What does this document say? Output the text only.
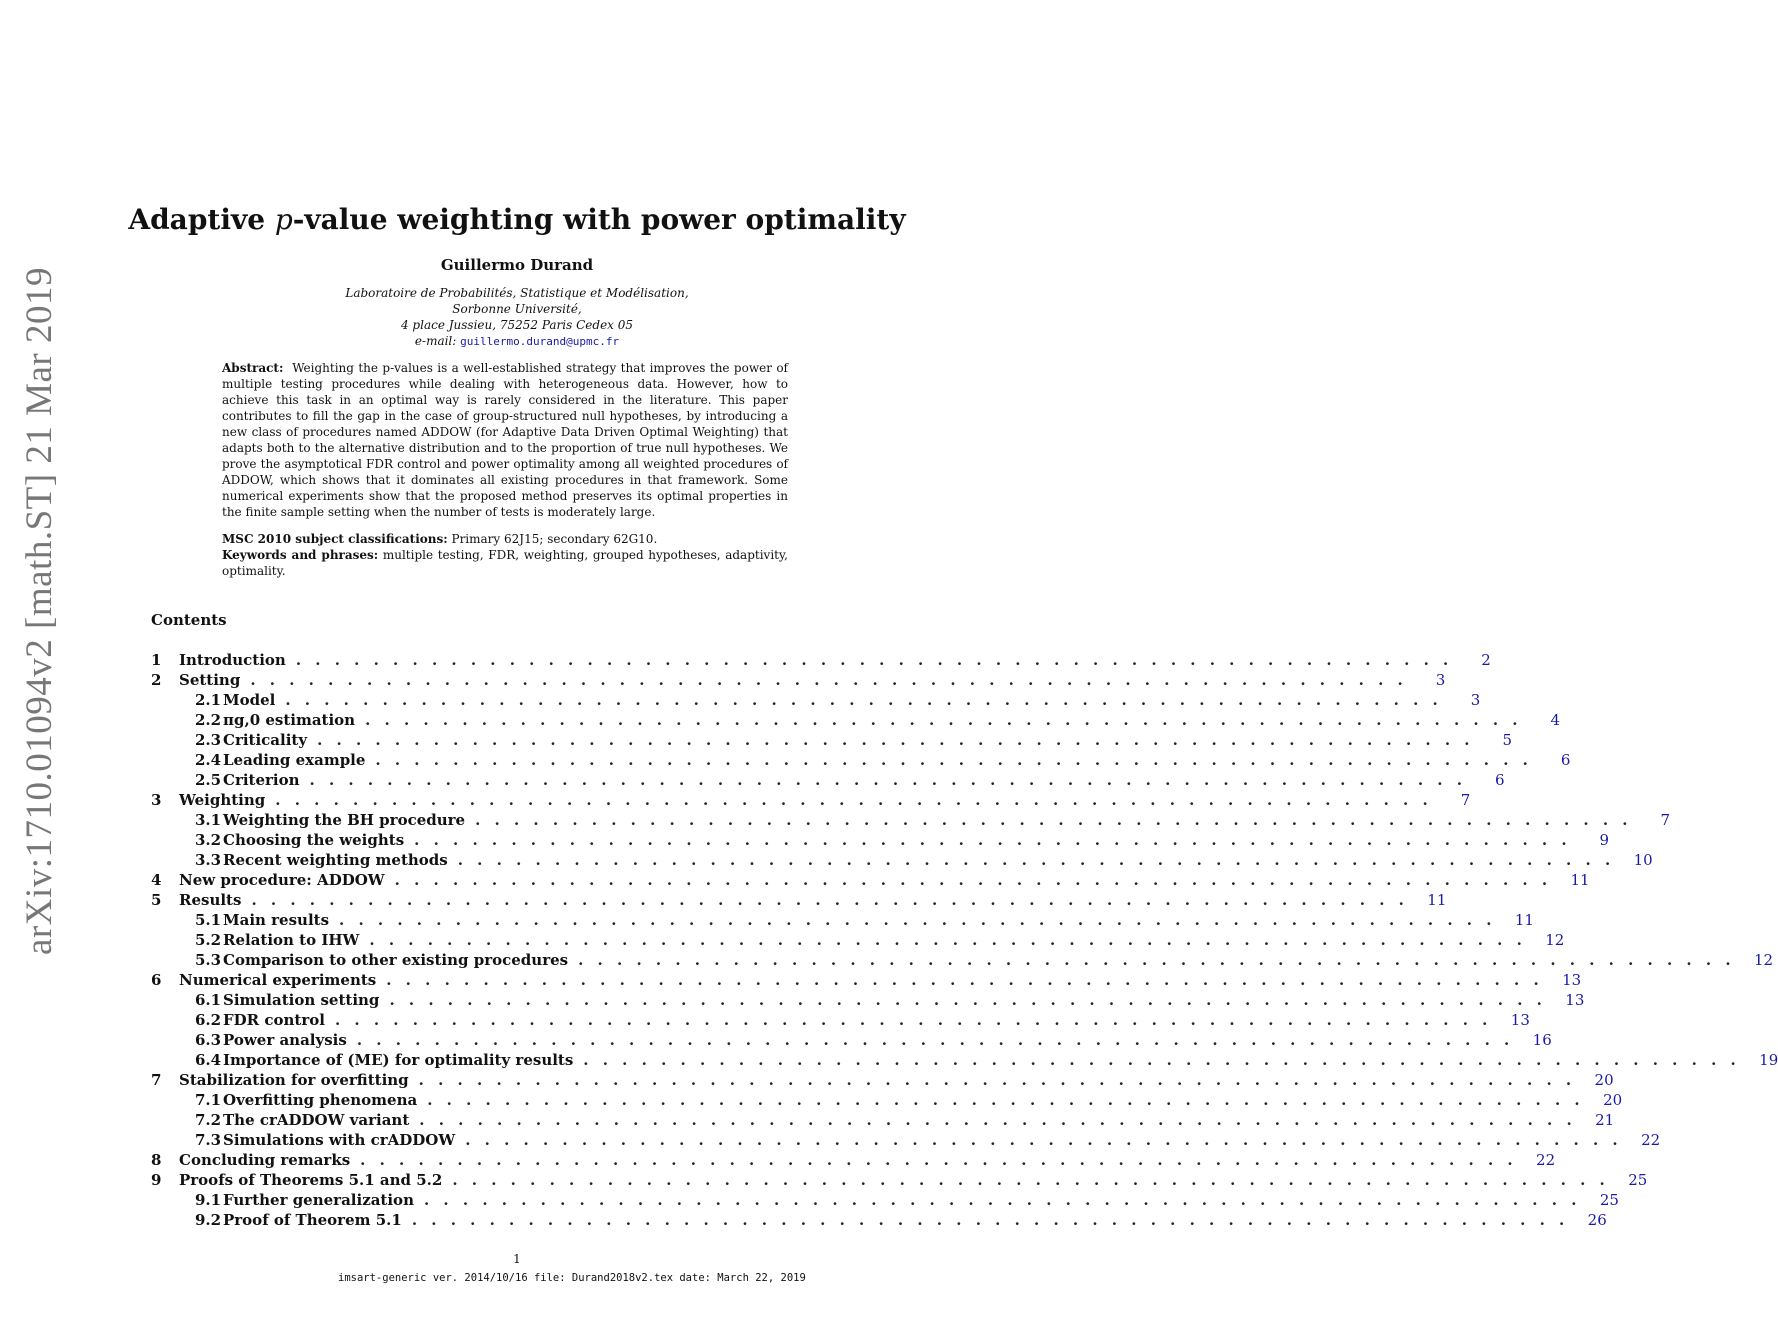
arXiv:1710.01094v2 [math.ST] 21 Mar 2019
Adaptive p-value weighting with power optimality
Guillermo Durand
Laboratoire de Probabilités, Statistique et Modélisation,
Sorbonne Université,
4 place Jussieu, 75252 Paris Cedex 05
e-mail: guillermo.durand@upmc.fr

Abstract: Weighting the p-values is a well-established strategy that improves the power of multiple testing procedures while dealing with heterogeneous data. However, how to achieve this task in an optimal way is rarely considered in the literature. This paper contributes to fill the gap in the case of group-structured null hypotheses, by introducing a new class of procedures named ADDOW (for Adaptive Data Driven Optimal Weighting) that adapts both to the alternative distribution and to the proportion of true null hypotheses. We prove the asymptotical FDR control and power optimality among all weighted procedures of ADDOW, which shows that it dominates all existing procedures in that framework. Some numerical experiments show that the proposed method preserves its optimal properties in the finite sample setting when the number of tests is moderately large.

MSC 2010 subject classifications: Primary 62J15; secondary 62G10.

Keywords and phrases: multiple testing, FDR, weighting, grouped hypotheses, adaptivity, optimality.

Contents
1	Introduction . . . . . . . . . . . . . . . . . . . . . . . . . . . . . . . . . . . . . . . . . . . . . . . . . . . . . . . . . . . .	2
2	Setting . . . . . . . . . . . . . . . . . . . . . . . . . . . . . . . . . . . . . . . . . . . . . . . . . . . . . . . . . . . .	3
2.1 Model . . . . . . . . . . . . . . . . . . . . . . . . . . . . . . . . . . . . . . . . . . . . . . . . . . . . . . . . . . . .	3
2.2 πg,0 estimation . . . . . . . . . . . . . . . . . . . . . . . . . . . . . . . . . . . . . . . . . . . . . . . . . . . . . . . . . . . .	4
2.3 Criticality . . . . . . . . . . . . . . . . . . . . . . . . . . . . . . . . . . . . . . . . . . . . . . . . . . . . . . . . . . . .	5
2.4 Leading example . . . . . . . . . . . . . . . . . . . . . . . . . . . . . . . . . . . . . . . . . . . . . . . . . . . . . . . . . . . .	6
2.5 Criterion . . . . . . . . . . . . . . . . . . . . . . . . . . . . . . . . . . . . . . . . . . . . . . . . . . . . . . . . . . . .	6
3	Weighting . . . . . . . . . . . . . . . . . . . . . . . . . . . . . . . . . . . . . . . . . . . . . . . . . . . . . . . . . . . .	7
3.1 Weighting the BH procedure . . . . . . . . . . . . . . . . . . . . . . . . . . . . . . . . . . . . . . . . . . . . . . . . . . . . . . . . . . . .	7
3.2 Choosing the weights . . . . . . . . . . . . . . . . . . . . . . . . . . . . . . . . . . . . . . . . . . . . . . . . . . . . . . . . . . . .	9
3.3 Recent weighting methods . . . . . . . . . . . . . . . . . . . . . . . . . . . . . . . . . . . . . . . . . . . . . . . . . . . . . . . . . . . .	10
4	New procedure: ADDOW . . . . . . . . . . . . . . . . . . . . . . . . . . . . . . . . . . . . . . . . . . . . . . . . . . . . . . . . . . . .	11
5	Results . . . . . . . . . . . . . . . . . . . . . . . . . . . . . . . . . . . . . . . . . . . . . . . . . . . . . . . . . . . .	11
5.1 Main results . . . . . . . . . . . . . . . . . . . . . . . . . . . . . . . . . . . . . . . . . . . . . . . . . . . . . . . . . . . .	11
5.2 Relation to IHW . . . . . . . . . . . . . . . . . . . . . . . . . . . . . . . . . . . . . . . . . . . . . . . . . . . . . . . . . . . .	12
5.3 Comparison to other existing procedures . . . . . . . . . . . . . . . . . . . . . . . . . . . . . . . . . . . . . . . . . . . . . . . . . . . . . . . . . . . .	12
6	Numerical experiments . . . . . . . . . . . . . . . . . . . . . . . . . . . . . . . . . . . . . . . . . . . . . . . . . . . . . . . . . . . .	13
6.1 Simulation setting . . . . . . . . . . . . . . . . . . . . . . . . . . . . . . . . . . . . . . . . . . . . . . . . . . . . . . . . . . . .	13
6.2 FDR control . . . . . . . . . . . . . . . . . . . . . . . . . . . . . . . . . . . . . . . . . . . . . . . . . . . . . . . . . . . .	13
6.3 Power analysis . . . . . . . . . . . . . . . . . . . . . . . . . . . . . . . . . . . . . . . . . . . . . . . . . . . . . . . . . . . .	16
6.4 Importance of (ME) for optimality results . . . . . . . . . . . . . . . . . . . . . . . . . . . . . . . . . . . . . . . . . . . . . . . . . . . . . . . . . . . .	19
7	Stabilization for overfitting . . . . . . . . . . . . . . . . . . . . . . . . . . . . . . . . . . . . . . . . . . . . . . . . . . . . . . . . . . . .	20
7.1 Overfitting phenomena . . . . . . . . . . . . . . . . . . . . . . . . . . . . . . . . . . . . . . . . . . . . . . . . . . . . . . . . . . . .	20
7.2 The crADDOW variant . . . . . . . . . . . . . . . . . . . . . . . . . . . . . . . . . . . . . . . . . . . . . . . . . . . . . . . . . . . .	21
7.3 Simulations with crADDOW . . . . . . . . . . . . . . . . . . . . . . . . . . . . . . . . . . . . . . . . . . . . . . . . . . . . . . . . . . . .	22
8	Concluding remarks . . . . . . . . . . . . . . . . . . . . . . . . . . . . . . . . . . . . . . . . . . . . . . . . . . . . . . . . . . . .	22
9	Proofs of Theorems 5.1 and 5.2 . . . . . . . . . . . . . . . . . . . . . . . . . . . . . . . . . . . . . . . . . . . . . . . . . . . . . . . . . . . .	25
9.1 Further generalization . . . . . . . . . . . . . . . . . . . . . . . . . . . . . . . . . . . . . . . . . . . . . . . . . . . . . . . . . . . .	25
9.2 Proof of Theorem 5.1 . . . . . . . . . . . . . . . . . . . . . . . . . . . . . . . . . . . . . . . . . . . . . . . . . . . . . . . . . . . .	26
1
imsart-generic ver. 2014/10/16 file: Durand2018v2.tex date: March 22, 2019
